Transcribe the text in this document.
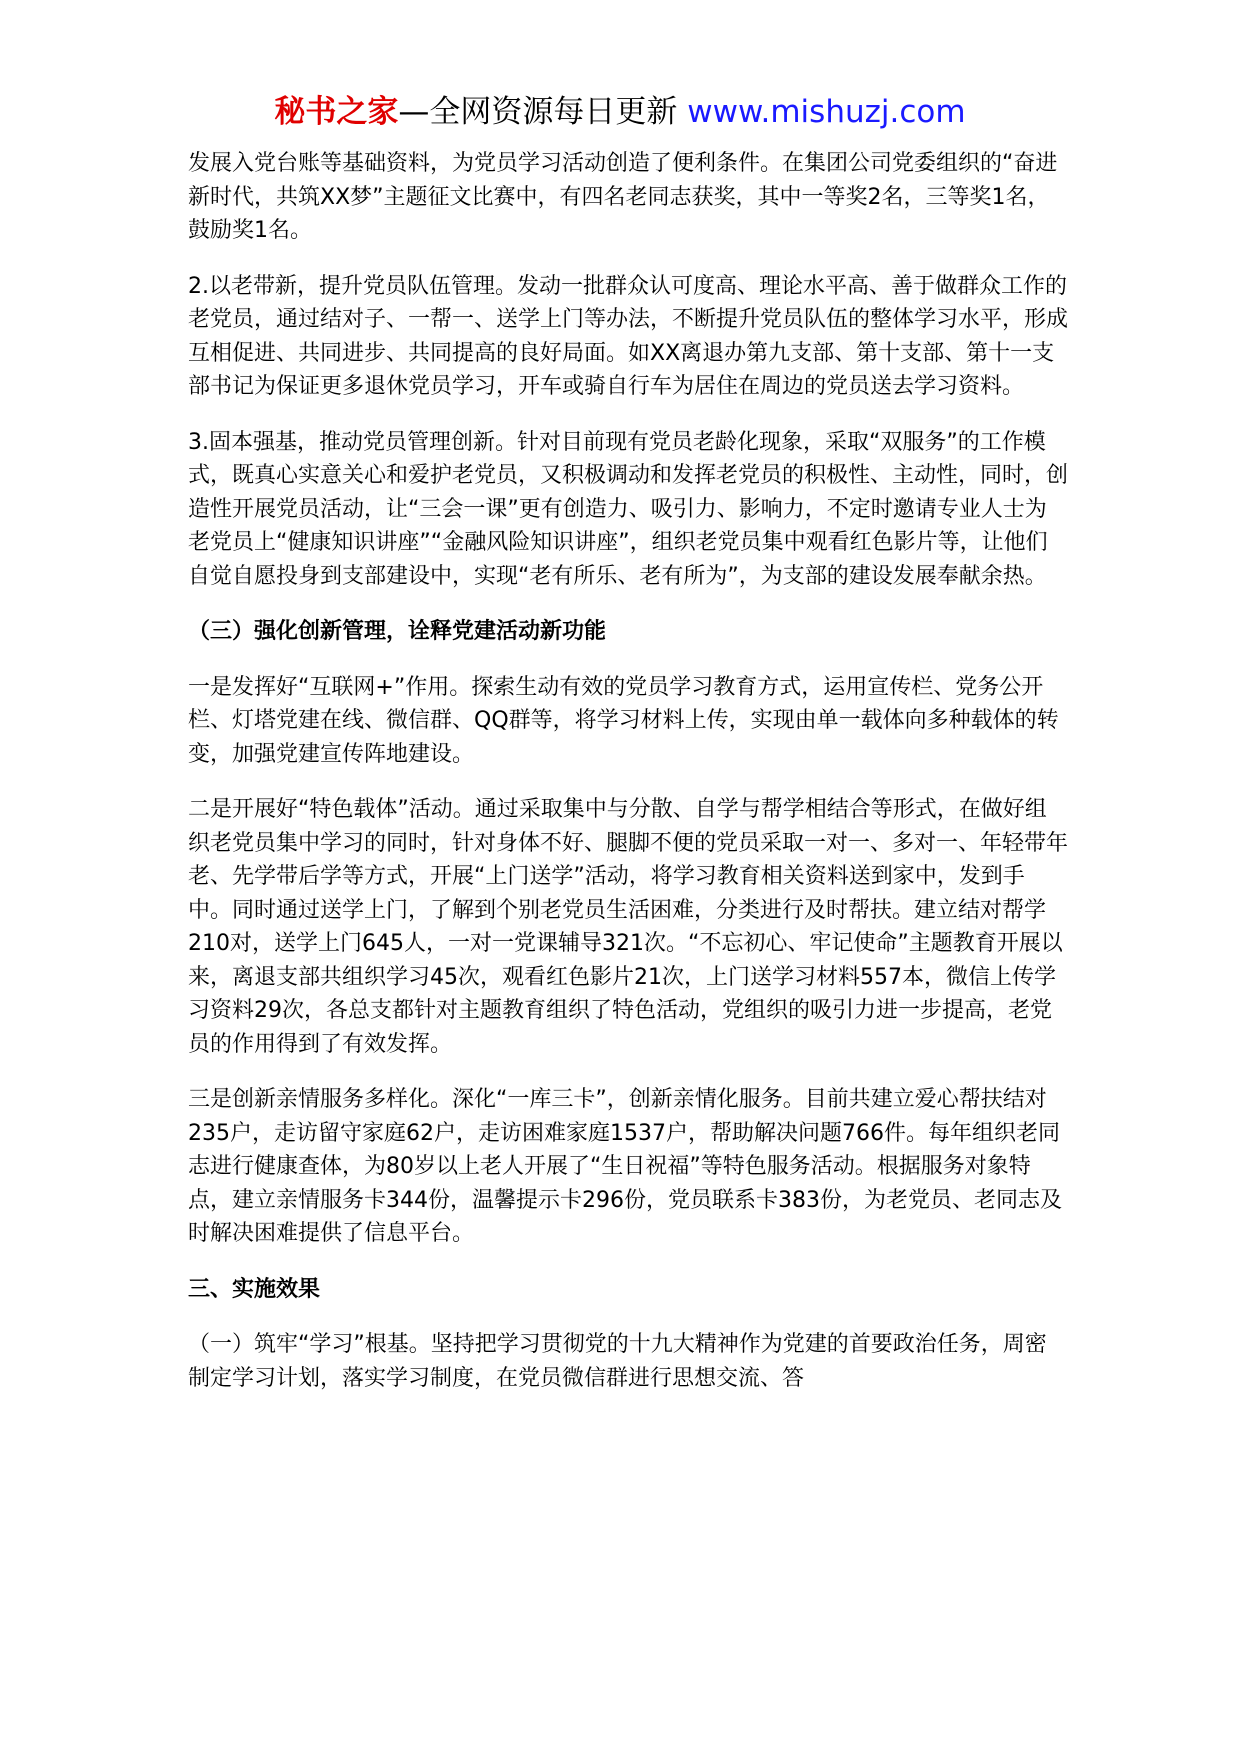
秘书之家—全网资源每日更新 www.mishuzj.com

发展入党台账等基础资料，为党员学习活动创造了便利条件。在集团公司党委组织的“奋进新时代，共筑XX梦”主题征文比赛中，有四名老同志获奖，其中一等奖2名，三等奖1名，鼓励奖1名。

2.以老带新，提升党员队伍管理。发动一批群众认可度高、理论水平高、善于做群众工作的老党员，通过结对子、一帮一、送学上门等办法，不断提升党员队伍的整体学习水平，形成互相促进、共同进步、共同提高的良好局面。如XX离退办第九支部、第十支部、第十一支部书记为保证更多退休党员学习，开车或骑自行车为居住在周边的党员送去学习资料。

3.固本强基，推动党员管理创新。针对目前现有党员老龄化现象，采取“双服务”的工作模式，既真心实意关心和爱护老党员，又积极调动和发挥老党员的积极性、主动性，同时，创造性开展党员活动，让“三会一课”更有创造力、吸引力、影响力，不定时邀请专业人士为老党员上“健康知识讲座”“金融风险知识讲座”，组织老党员集中观看红色影片等，让他们自觉自愿投身到支部建设中，实现“老有所乐、老有所为”，为支部的建设发展奉献余热。

（三）强化创新管理，诠释党建活动新功能

一是发挥好“互联网+”作用。探索生动有效的党员学习教育方式，运用宣传栏、党务公开栏、灯塔党建在线、微信群、QQ群等，将学习材料上传，实现由单一载体向多种载体的转变，加强党建宣传阵地建设。

二是开展好“特色载体”活动。通过采取集中与分散、自学与帮学相结合等形式，在做好组织老党员集中学习的同时，针对身体不好、腿脚不便的党员采取一对一、多对一、年轻带年老、先学带后学等方式，开展“上门送学”活动，将学习教育相关资料送到家中，发到手中。同时通过送学上门，了解到个别老党员生活困难，分类进行及时帮扶。建立结对帮学210对，送学上门645人，一对一党课辅导321次。“不忘初心、牢记使命”主题教育开展以来，离退支部共组织学习45次，观看红色影片21次，上门送学习材料557本，微信上传学习资料29次，各总支都针对主题教育组织了特色活动，党组织的吸引力进一步提高，老党员的作用得到了有效发挥。

三是创新亲情服务多样化。深化“一库三卡”，创新亲情化服务。目前共建立爱心帮扶结对235户，走访留守家庭62户，走访困难家庭1537户，帮助解决问题766件。每年组织老同志进行健康查体，为80岁以上老人开展了“生日祝福”等特色服务活动。根据服务对象特点，建立亲情服务卡344份，温馨提示卡296份，党员联系卡383份，为老党员、老同志及时解决困难提供了信息平台。

三、实施效果

（一）筑牢“学习”根基。坚持把学习贯彻党的十九大精神作为党建的首要政治任务，周密制定学习计划，落实学习制度，在党员微信群进行思想交流、答
